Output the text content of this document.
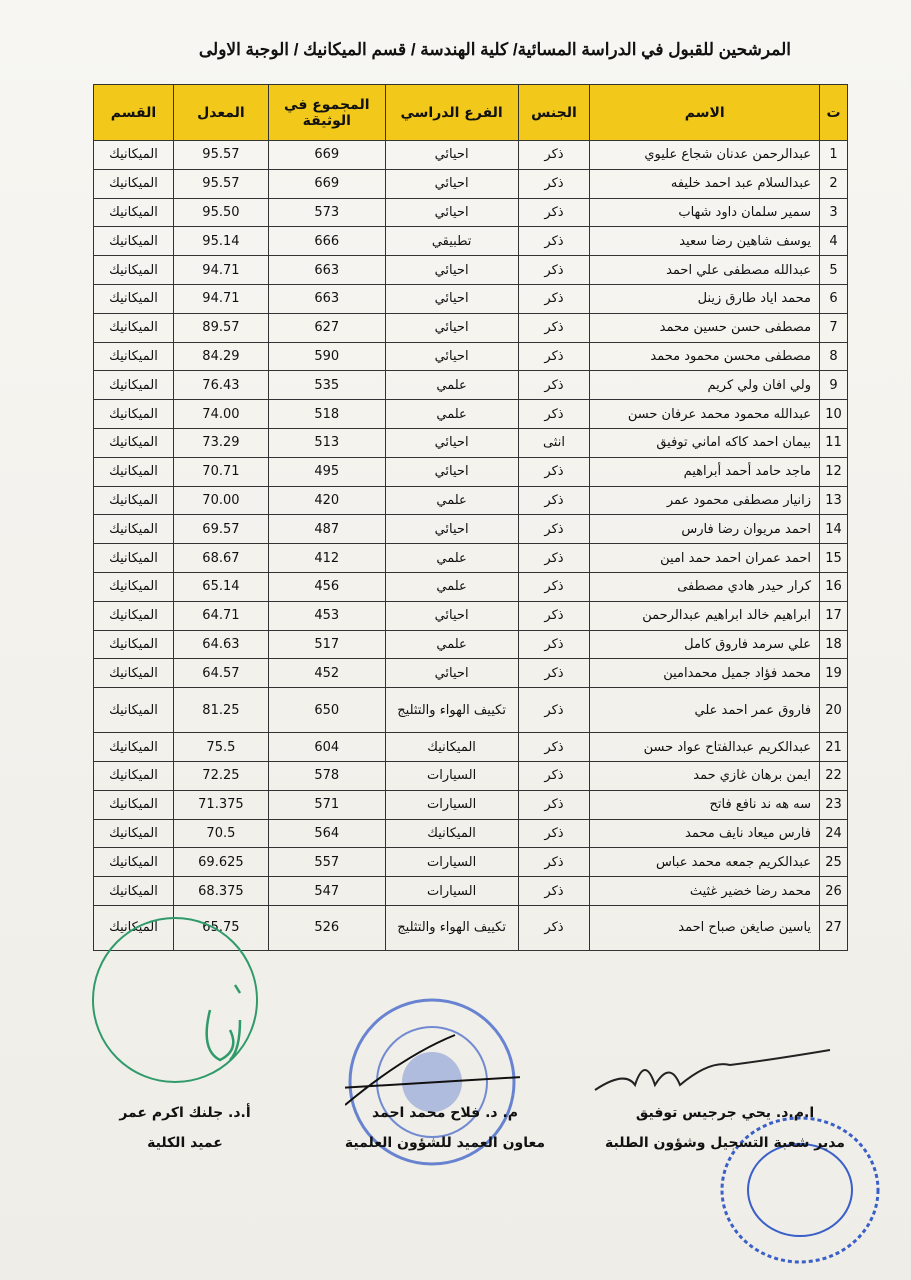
المرشحين للقبول في الدراسة المسائية/ كلية الهندسة / قسم الميكانيك / الوجبة الاولى
ت	الاسم	الجنس	الفرع الدراسي	المجموع في الوثيقة	المعدل	القسم
1	عبدالرحمن عدنان شجاع عليوي	ذكر	احيائي	669	95.57	الميكانيك
2	عبدالسلام عبد احمد خليفه	ذكر	احيائي	669	95.57	الميكانيك
3	سمير سلمان داود شهاب	ذكر	احيائي	573	95.50	الميكانيك
4	يوسف شاهين رضا سعيد	ذكر	تطبيقي	666	95.14	الميكانيك
5	عبدالله مصطفى علي احمد	ذكر	احيائي	663	94.71	الميكانيك
6	محمد اياد طارق زينل	ذكر	احيائي	663	94.71	الميكانيك
7	مصطفى حسن حسين محمد	ذكر	احيائي	627	89.57	الميكانيك
8	مصطفى محسن محمود محمد	ذكر	احيائي	590	84.29	الميكانيك
9	ولي افان ولي كريم	ذكر	علمي	535	76.43	الميكانيك
10	عبدالله محمود محمد عرفان حسن	ذكر	علمي	518	74.00	الميكانيك
11	بيمان احمد كاكه اماني توفيق	انثى	احيائي	513	73.29	الميكانيك
12	ماجد حامد أحمد أبراهيم	ذكر	احيائي	495	70.71	الميكانيك
13	زانيار مصطفى محمود عمر	ذكر	علمي	420	70.00	الميكانيك
14	احمد مريوان رضا فارس	ذكر	احيائي	487	69.57	الميكانيك
15	احمد عمران احمد حمد امين	ذكر	علمي	412	68.67	الميكانيك
16	كرار حيدر هادي مصطفى	ذكر	علمي	456	65.14	الميكانيك
17	ابراهيم خالد ابراهيم عبدالرحمن	ذكر	احيائي	453	64.71	الميكانيك
18	علي سرمد فاروق كامل	ذكر	علمي	517	64.63	الميكانيك
19	محمد فؤاد جميل محمدامين	ذكر	احيائي	452	64.57	الميكانيك
20	فاروق عمر احمد علي	ذكر	تكييف الهواء والتثليج	650	81.25	الميكانيك
21	عبدالكريم عبدالفتاح عواد حسن	ذكر	الميكانيك	604	75.5	الميكانيك
22	ايمن برهان غازي حمد	ذكر	السيارات	578	72.25	الميكانيك
23	سه هه ند نافع فاتح	ذكر	السيارات	571	71.375	الميكانيك
24	فارس ميعاد نايف محمد	ذكر	الميكانيك	564	70.5	الميكانيك
25	عبدالكريم جمعه محمد عباس	ذكر	السيارات	557	69.625	الميكانيك
26	محمد رضا خضير غثيث	ذكر	السيارات	547	68.375	الميكانيك
27	ياسين صايغن صباح احمد	ذكر	تكييف الهواء والتثليج	526	65.75	الميكانيك
أ.د. جلنك اكرم عمر
عميد الكلية
م. د. فلاح محمد احمد
معاون العميد للشؤون العلمية
ا.م.د. يحي جرجيس توفيق
مدير شعبة التسجيل وشؤون الطلبة
